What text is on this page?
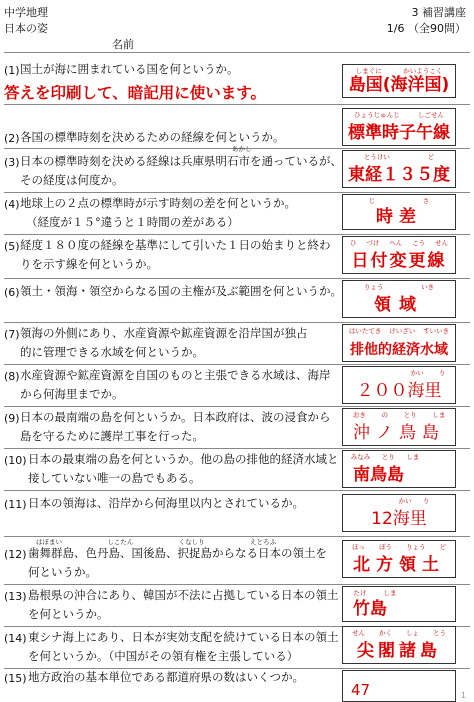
中学地理
日本の姿
3 補習講座
1/6 （全90問）
名前
(1) 国土が海に囲まれている国を何というか。	しまぐに	かいようこく
島国(海洋国)
答えを印刷して、暗記用に使います。
(2) 各国の標準時刻を決めるための経線を何というか。
ひょうじゅんじ	しごせん
標準時子午線
(3) 日本の標準時刻を決める経線は兵庫県明石市を通っているが、
その経度は何度か。
あかし
とうけい	ど
東経１３５度
(4) 地球上の２点の標準時が示す時刻の差を何というか。
（経度が１５°違うと１時間の差がある）
じ	さ
時差
(5) 経度１８０度の経線を基準にして引いた１日の始まりと終わ
りを示す線を何というか。
ひ づけ へん こう せん
日付変更線
(6) 領土・領海・領空からなる国の主権が及ぶ範囲を何というか。	りょう	いき
領域
(7) 領海の外側にあり、水産資源や鉱産資源を沿岸国が独占
的に管理できる水域を何というか。
はいたてき けいざい すいいき
排他的経済水域
(8) 水産資源や鉱産資源を自国のものと主張できる水域は、海岸
から何海里までか。
かい り
２００海里
(9) 日本の最南端の島を何というか。日本政府は、波の浸食から
島を守るために護岸工事を行った。
おき の とり しま
沖ノ鳥島
(10) 日本の最東端の島を何というか。他の島の排他的経済水域と
接していない唯一の島でもある。
みなみ とり しま
南鳥島
(11) 日本の領海は、沿岸から何海里以内とされているか。	かい り
12海里
はぼまい	しこたん	くなしり	えとろふ
(12) 歯舞群島、色丹島、国後島、択捉島からなる日本の領土を
何というか。
ほっ ぽう りょう ど
北方領土
(13) 島根県の沖合にあり、韓国が不法に占拠している日本の領土
を何というか。
たけ	しま
竹島
(14) 東シナ海上にあり、日本が実効支配を続けている日本の領土
を何というか。（中国がその領有権を主張している）
せん かく しょ とう
尖閣諸島
(15) 地方政治の基本単位である都道府県の数はいくつか。
47	1
